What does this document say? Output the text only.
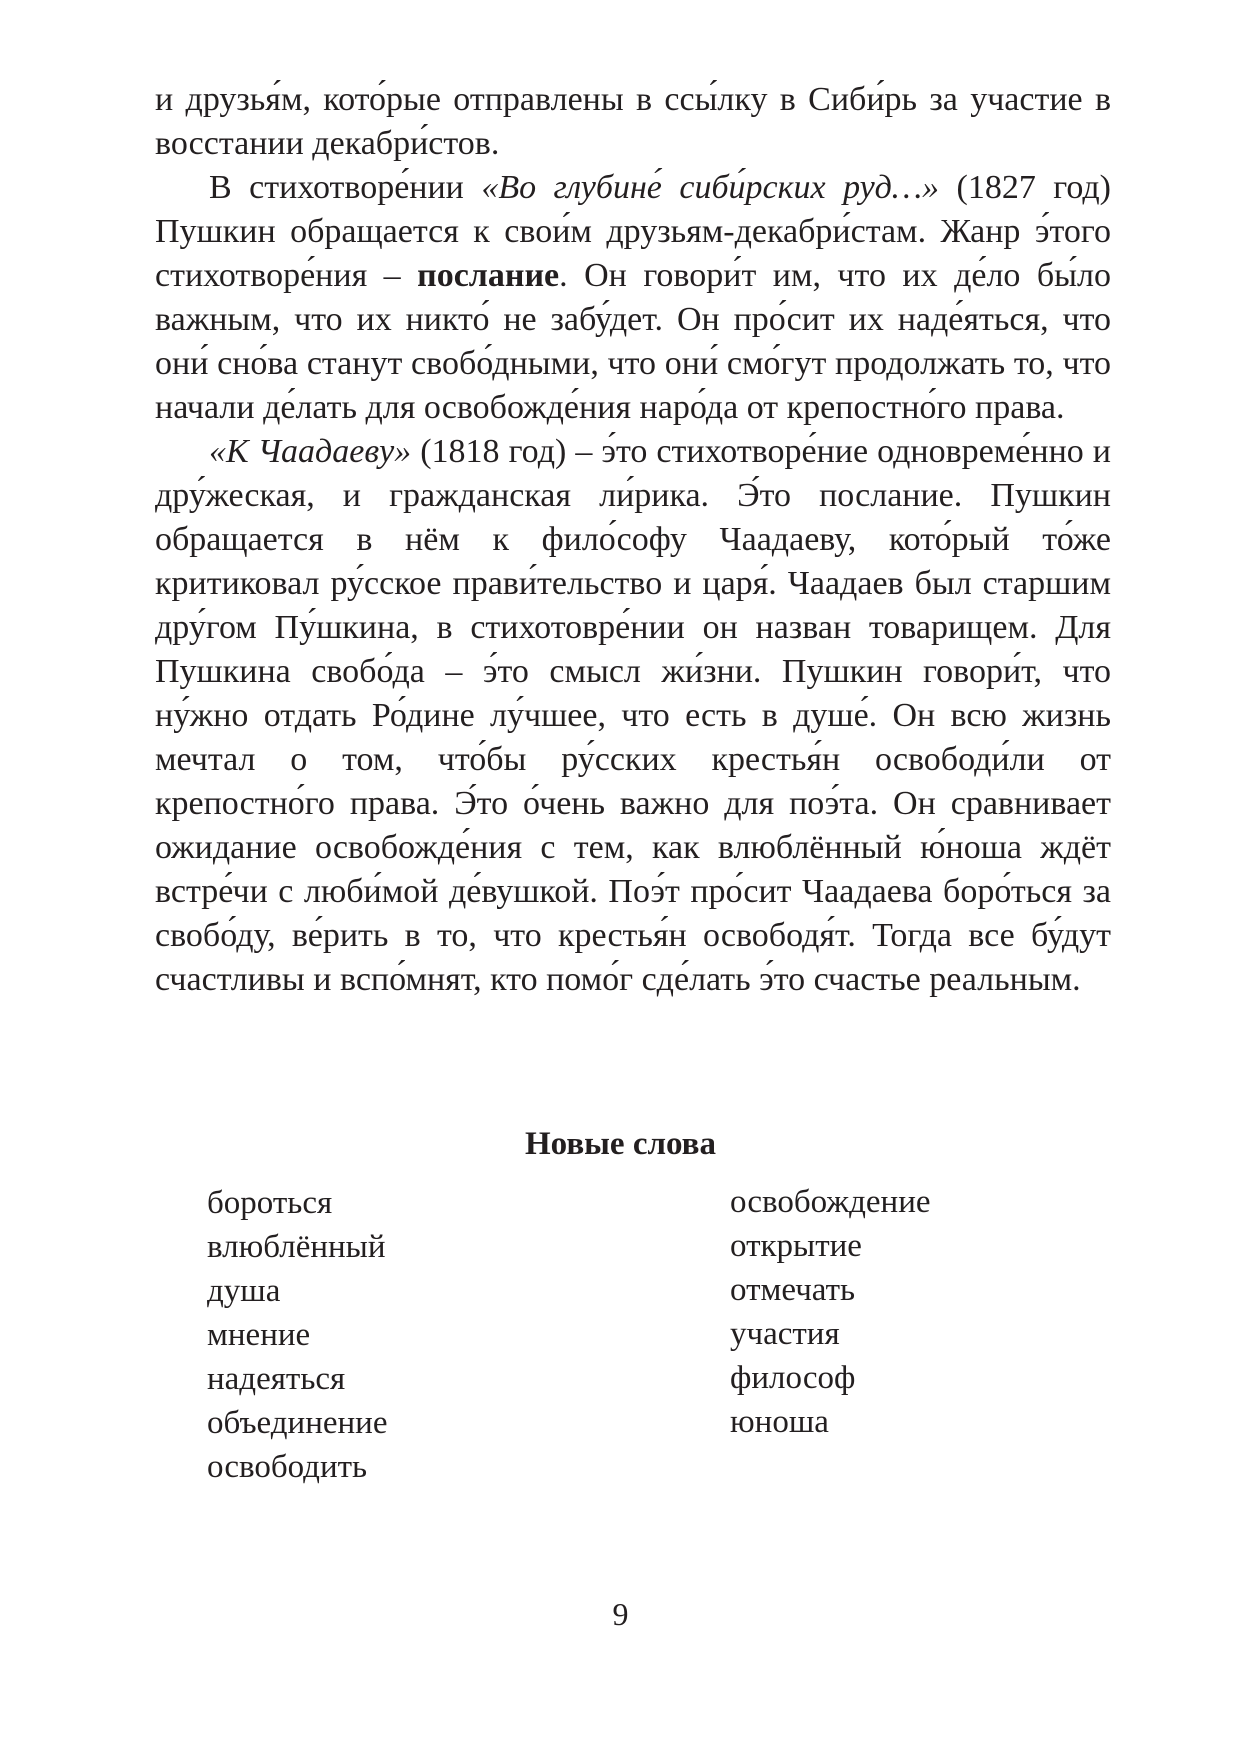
и друзья́м, кото́рые отправлены в ссы́лку в Сиби́рь за участие в восстании декабри́стов.

В стихотворе́нии «Во глубине́ сиби́рских руд…» (1827 год) Пушкин обращается к свои́м друзьям-декабри́стам. Жанр э́того стихотворе́ния – послание. Он говори́т им, что их де́ло бы́ло важным, что их никто́ не забу́дет. Он про́сит их наде́яться, что они́ сно́ва станут свобо́дными, что они́ смо́гут продолжать то, что начали де́лать для освобожде́ния наро́да от крепостно́го права.

«К Чаадаеву» (1818 год) – э́то стихотворе́ние одновреме́нно и дру́жеская, и гражданская ли́рика. Э́то послание. Пушкин обращается в нём к фило́софу Чаадаеву, кото́рый то́же критиковал ру́сское прави́тельство и царя́. Чаадаев был старшим дру́гом Пу́шкина, в стихотовре́нии он назван товарищем. Для Пушкина свобо́да – э́то смысл жи́зни. Пушкин говори́т, что ну́жно отдать Ро́дине лу́чшее, что есть в душе́. Он всю жизнь мечтал о том, что́бы ру́сских крестья́н освободи́ли от крепостно́го права. Э́то о́чень важно для поэ́та. Он сравнивает ожидание освобожде́ния с тем, как влюблённый ю́ноша ждёт встре́чи с люби́мой де́вушкой. Поэ́т про́сит Чаадаева боро́ться за свобо́ду, ве́рить в то, что крестья́н освободя́т. Тогда все бу́дут счастливы и вспо́мнят, кто помо́г сде́лать э́то счастье реальным.

Новые слова
бороться
влюблённый
душа
мнение
надеяться
объединение
освободить
освобождение
открытие
отмечать
участия
философ
юноша
9
